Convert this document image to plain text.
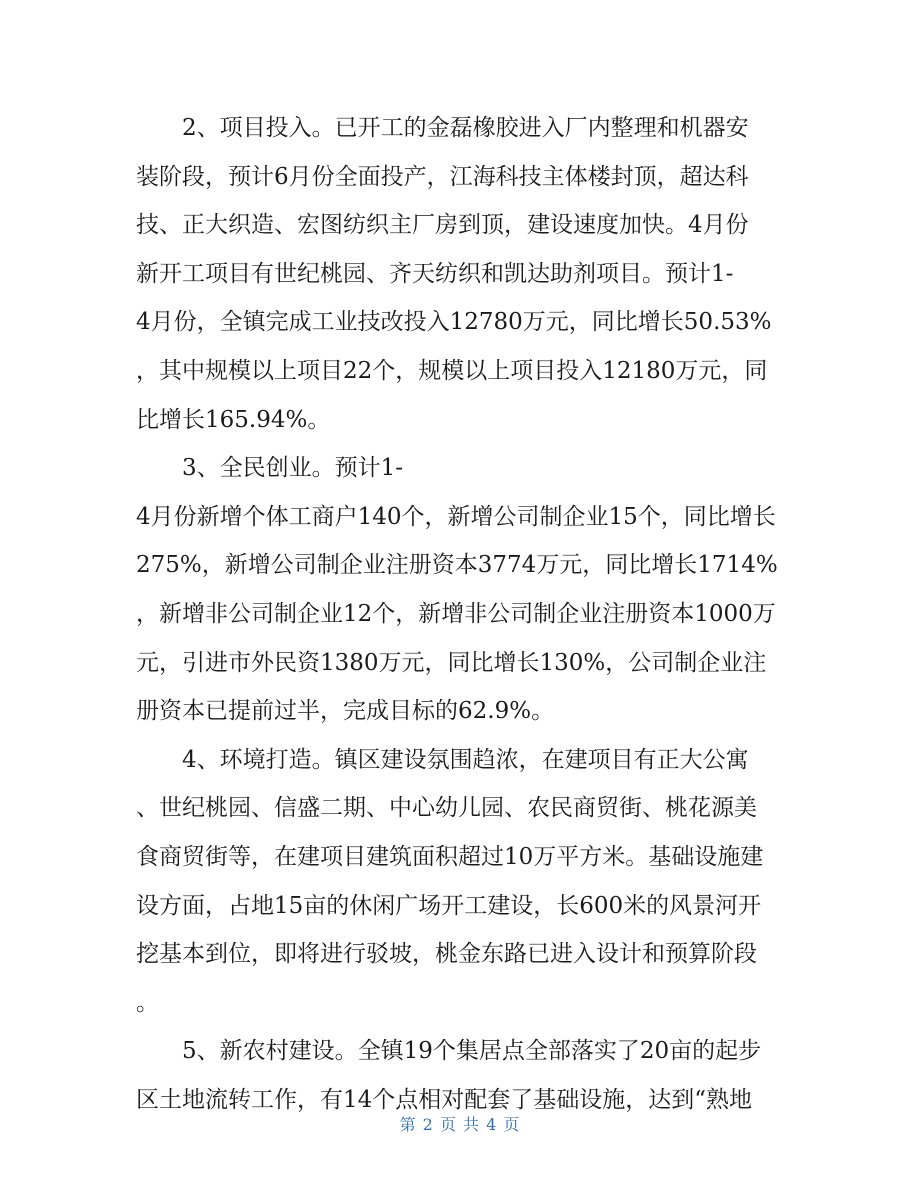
2、项目投入。已开工的金磊橡胶进入厂内整理和机器安
装阶段，预计6月份全面投产，江海科技主体楼封顶，超达科
技、正大织造、宏图纺织主厂房到顶，建设速度加快。4月份
新开工项目有世纪桃园、齐天纺织和凯达助剂项目。预计1-
4月份，全镇完成工业技改投入12780万元，同比增长50.53%
，其中规模以上项目22个，规模以上项目投入12180万元，同
比增长165.94%。
3、全民创业。预计1-
4月份新增个体工商户140个，新增公司制企业15个，同比增长
275%，新增公司制企业注册资本3774万元，同比增长1714%
，新增非公司制企业12个，新增非公司制企业注册资本1000万
元，引进市外民资1380万元，同比增长130%，公司制企业注
册资本已提前过半，完成目标的62.9%。
4、环境打造。镇区建设氛围趋浓，在建项目有正大公寓
、世纪桃园、信盛二期、中心幼儿园、农民商贸街、桃花源美
食商贸街等，在建项目建筑面积超过10万平方米。基础设施建
设方面，占地15亩的休闲广场开工建设，长600米的风景河开
挖基本到位，即将进行驳坡，桃金东路已进入设计和预算阶段
。
5、新农村建设。全镇19个集居点全部落实了20亩的起步
区土地流转工作，有14个点相对配套了基础设施，达到“熟地
第 2 页 共 4 页
